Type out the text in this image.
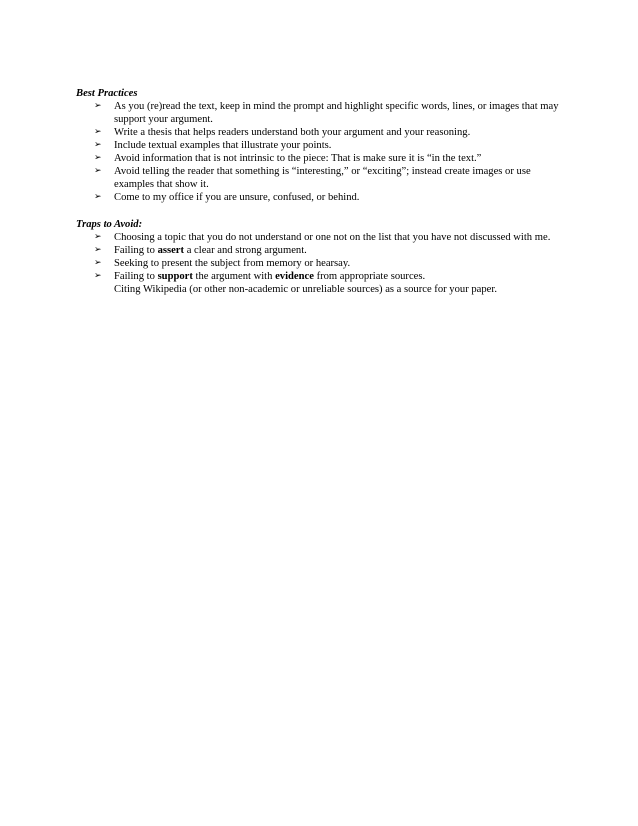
Best Practices
➢	As you (re)read the text, keep in mind the prompt and highlight specific words, lines, or images that may support your argument.
➢	Write a thesis that helps readers understand both your argument and your reasoning.
➢	Include textual examples that illustrate your points.
➢	Avoid information that is not intrinsic to the piece: That is make sure it is “in the text.”
➢	Avoid telling the reader that something is “interesting,” or “exciting”; instead create images or use examples that show it.
➢	Come to my office if you are unsure, confused, or behind.
Traps to Avoid:
➢	Choosing a topic that you do not understand or one not on the list that you have not discussed with me.
➢	Failing to assert a clear and strong argument.
➢	Seeking to present the subject from memory or hearsay.
➢	Failing to support the argument with evidence from appropriate sources.
Citing Wikipedia (or other non-academic or unreliable sources) as a source for your paper.
